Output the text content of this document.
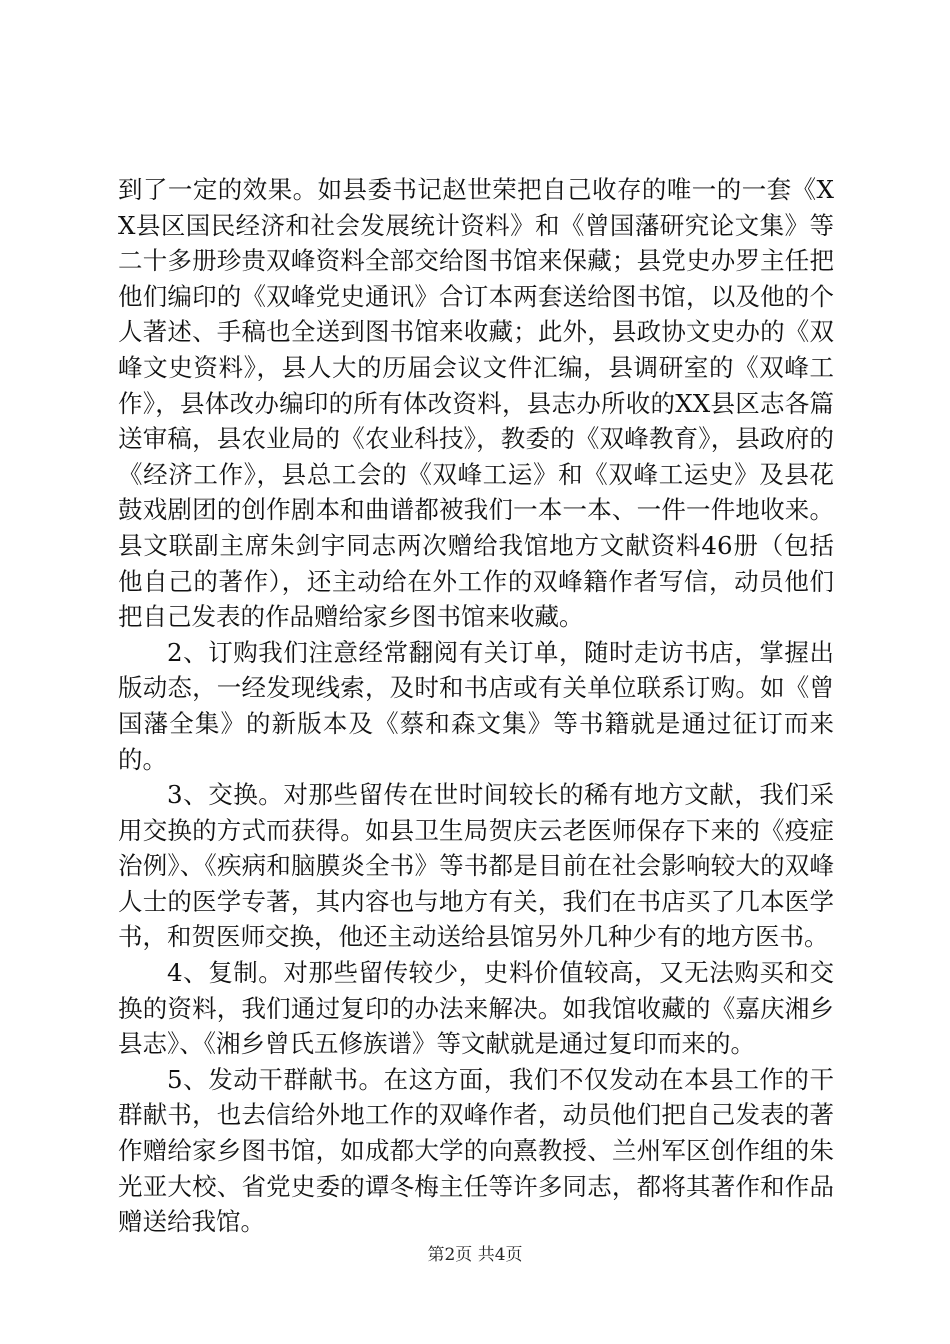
到了一定的效果。如县委书记赵世荣把自己收存的唯一的一套《XX县区国民经济和社会发展统计资料》和《曾国藩研究论文集》等二十多册珍贵双峰资料全部交给图书馆来保藏；县党史办罗主任把他们编印的《双峰党史通讯》合订本两套送给图书馆，以及他的个人著述、手稿也全送到图书馆来收藏；此外，县政协文史办的《双峰文史资料》，县人大的历届会议文件汇编，县调研室的《双峰工作》，县体改办编印的所有体改资料，县志办所收的XX县区志各篇送审稿，县农业局的《农业科技》，教委的《双峰教育》，县政府的《经济工作》，县总工会的《双峰工运》和《双峰工运史》及县花鼓戏剧团的创作剧本和曲谱都被我们一本一本、一件一件地收来。县文联副主席朱剑宇同志两次赠给我馆地方文献资料46册（包括他自己的著作），还主动给在外工作的双峰籍作者写信，动员他们把自己发表的作品赠给家乡图书馆来收藏。

2、订购我们注意经常翻阅有关订单，随时走访书店，掌握出版动态，一经发现线索，及时和书店或有关单位联系订购。如《曾国藩全集》的新版本及《蔡和森文集》等书籍就是通过征订而来的。

3、交换。对那些留传在世时间较长的稀有地方文献，我们采用交换的方式而获得。如县卫生局贺庆云老医师保存下来的《疫症治例》、《疾病和脑膜炎全书》等书都是目前在社会影响较大的双峰人士的医学专著，其内容也与地方有关，我们在书店买了几本医学书，和贺医师交换，他还主动送给县馆另外几种少有的地方医书。

4、复制。对那些留传较少，史料价值较高，又无法购买和交换的资料，我们通过复印的办法来解决。如我馆收藏的《嘉庆湘乡县志》、《湘乡曾氏五修族谱》等文献就是通过复印而来的。

5、发动干群献书。在这方面，我们不仅发动在本县工作的干群献书，也去信给外地工作的双峰作者，动员他们把自己发表的著作赠给家乡图书馆，如成都大学的向熹教授、兰州军区创作组的朱光亚大校、省党史委的谭冬梅主任等许多同志，都将其著作和作品赠送给我馆。

第2页 共4页
